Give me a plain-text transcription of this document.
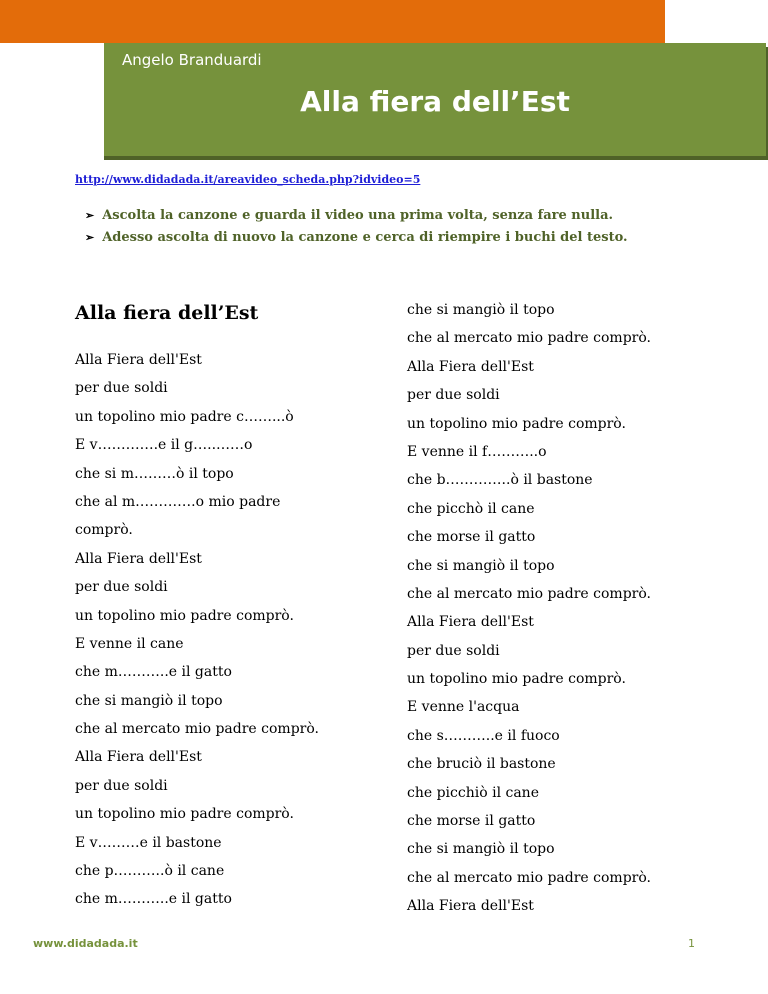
Angelo Branduardi
Alla fiera dell’Est
http://www.didadada.it/areavideo_scheda.php?idvideo=5
➢ Ascolta la canzone e guarda il video una prima volta, senza fare nulla.
➢ Adesso ascolta di nuovo la canzone e cerca di riempire i buchi del testo.
Alla fiera dell’Est
Alla Fiera dell'Est
per due soldi
un topolino mio padre c……...ò
E v………….e il g…..……o
che si m………ò il topo
che al m………….o mio padre
comprò.
Alla Fiera dell'Est
per due soldi
un topolino mio padre comprò.
E venne il cane
che m………..e il gatto
che si mangiò il topo
che al mercato mio padre comprò.
Alla Fiera dell'Est
per due soldi
un topolino mio padre comprò.
E v………e il bastone
che p………..ò il cane
che m………..e il gatto
che si mangiò il topo
che al mercato mio padre comprò.
Alla Fiera dell'Est
per due soldi
un topolino mio padre comprò.
E venne il f………..o
che b…………..ò il bastone
che picchò il cane
che morse il gatto
che si mangiò il topo
che al mercato mio padre comprò.
Alla Fiera dell'Est
per due soldi
un topolino mio padre comprò.
E venne l'acqua
che s………..e il fuoco
che bruciò il bastone
che picchiò il cane
che morse il gatto
che si mangiò il topo
che al mercato mio padre comprò.
Alla Fiera dell'Est
www.didadada.it	1
